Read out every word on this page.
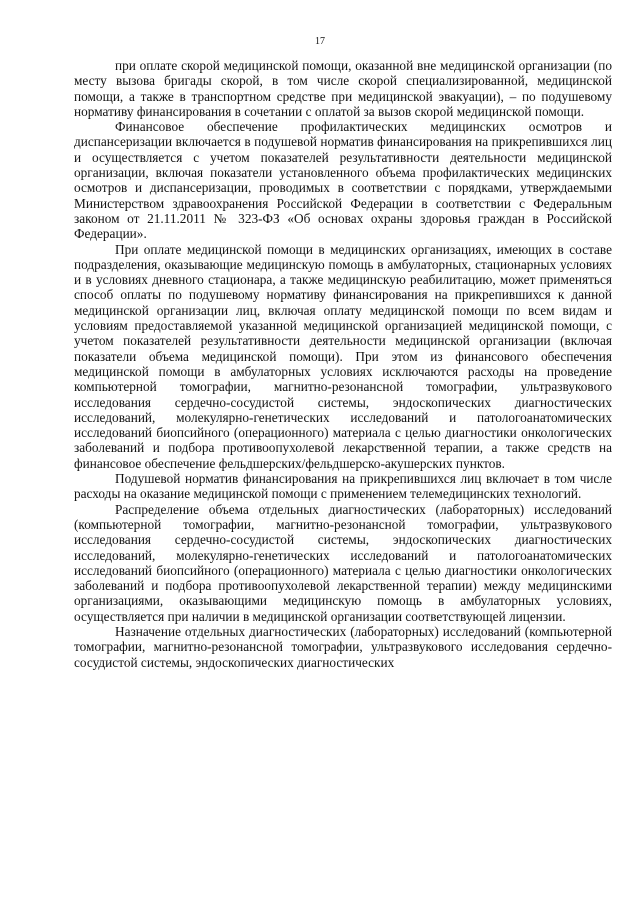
17

при оплате скорой медицинской помощи, оказанной вне медицинской организации (по месту вызова бригады скорой, в том числе скорой специализированной, медицинской помощи, а также в транспортном средстве при медицинской эвакуации), – по подушевому нормативу финансирования в сочетании с оплатой за вызов скорой медицинской помощи.

Финансовое обеспечение профилактических медицинских осмотров и диспансеризации включается в подушевой норматив финансирования на прикрепившихся лиц и осуществляется с учетом показателей результативности деятельности медицинской организации, включая показатели установленного объема профилактических медицинских осмотров и диспансеризации, проводимых в соответствии с порядками, утверждаемыми Министерством здравоохранения Российской Федерации в соответствии с Федеральным законом от 21.11.2011 № 323-ФЗ «Об основах охраны здоровья граждан в Российской Федерации».

При оплате медицинской помощи в медицинских организациях, имеющих в составе подразделения, оказывающие медицинскую помощь в амбулаторных, стационарных условиях и в условиях дневного стационара, а также медицинскую реабилитацию, может применяться способ оплаты по подушевому нормативу финансирования на прикрепившихся к данной медицинской организации лиц, включая оплату медицинской помощи по всем видам и условиям предоставляемой указанной медицинской организацией медицинской помощи, с учетом показателей результативности деятельности медицинской организации (включая показатели объема медицинской помощи). При этом из финансового обеспечения медицинской помощи в амбулаторных условиях исключаются расходы на проведение компьютерной томографии, магнитно-резонансной томографии, ультразвукового исследования сердечно-сосудистой системы, эндоскопических диагностических исследований, молекулярно-генетических исследований и патологоанатомических исследований биопсийного (операционного) материала с целью диагностики онкологических заболеваний и подбора противоопухолевой лекарственной терапии, а также средств на финансовое обеспечение фельдшерских/фельдшерско-акушерских пунктов.

Подушевой норматив финансирования на прикрепившихся лиц включает в том числе расходы на оказание медицинской помощи с применением телемедицинских технологий.

Распределение объема отдельных диагностических (лабораторных) исследований (компьютерной томографии, магнитно-резонансной томографии, ультразвукового исследования сердечно-сосудистой системы, эндоскопических диагностических исследований, молекулярно-генетических исследований и патологоанатомических исследований биопсийного (операционного) материала с целью диагностики онкологических заболеваний и подбора противоопухолевой лекарственной терапии) между медицинскими организациями, оказывающими медицинскую помощь в амбулаторных условиях, осуществляется при наличии в медицинской организации соответствующей лицензии.

Назначение отдельных диагностических (лабораторных) исследований (компьютерной томографии, магнитно-резонансной томографии, ультразвукового исследования сердечно-сосудистой системы, эндоскопических диагностических
